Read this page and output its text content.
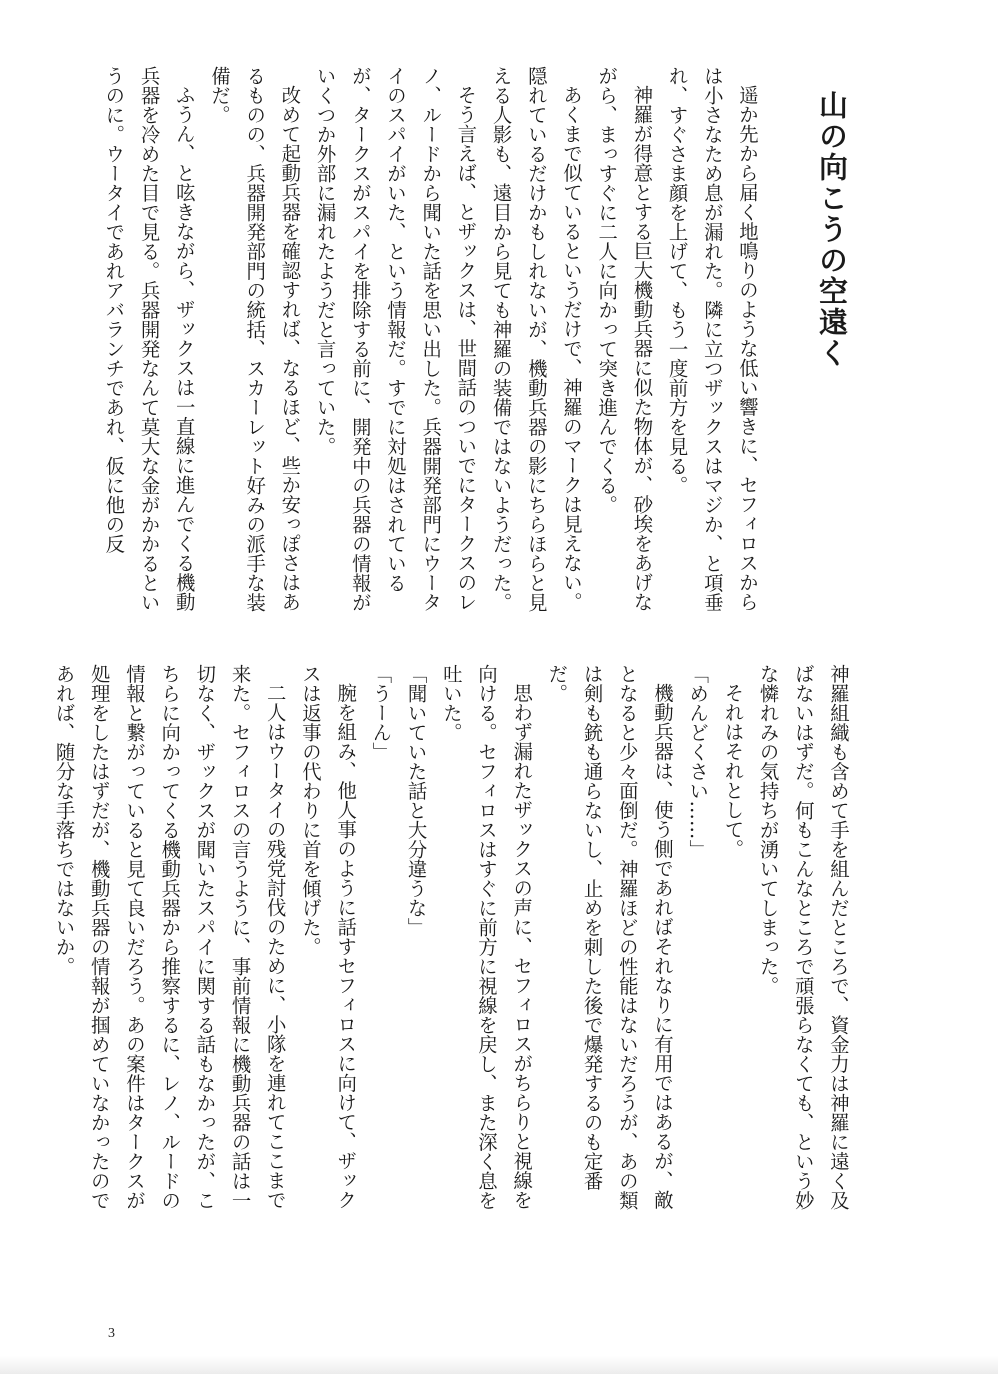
山の向こうの空遠く

遥か先から届く地鳴りのような低い響きに、セフィロスからは小さなため息が漏れた。隣に立つザックスはマジか、と項垂れ、すぐさま顔を上げて、もう一度前方を見る。

神羅が得意とする巨大機動兵器に似た物体が、砂埃をあげながら、まっすぐに二人に向かって突き進んでくる。

あくまで似ているというだけで、神羅のマークは見えない。隠れているだけかもしれないが、機動兵器の影にちらほらと見える人影も、遠目から見ても神羅の装備ではないようだった。

そう言えば、とザックスは、世間話のついでにタークスのレノ、ルードから聞いた話を思い出した。兵器開発部門にウータイのスパイがいた、という情報だ。すでに対処はされているが、タークスがスパイを排除する前に、開発中の兵器の情報がいくつか外部に漏れたようだと言っていた。

改めて起動兵器を確認すれば、なるほど、些か安っぽさはあるものの、兵器開発部門の統括、スカーレット好みの派手な装備だ。

ふうん、と呟きながら、ザックスは一直線に進んでくる機動兵器を冷めた目で見る。兵器開発なんて莫大な金がかかるというのに。ウータイであれアバランチであれ、仮に他の反

神羅組織も含めて手を組んだところで、資金力は神羅に遠く及ばないはずだ。何もこんなところで頑張らなくても、という妙な憐れみの気持ちが湧いてしまった。

それはそれとして。

「めんどくさい……」

機動兵器は、使う側であればそれなりに有用ではあるが、敵となると少々面倒だ。神羅ほどの性能はないだろうが、あの類は剣も銃も通らないし、止めを刺した後で爆発するのも定番だ。

思わず漏れたザックスの声に、セフィロスがちらりと視線を向ける。セフィロスはすぐに前方に視線を戻し、また深く息を吐いた。

「聞いていた話と大分違うな」

「うーん」

腕を組み、他人事のように話すセフィロスに向けて、ザックスは返事の代わりに首を傾げた。

二人はウータイの残党討伐のために、小隊を連れてここまで来た。セフィロスの言うように、事前情報に機動兵器の話は一切なく、ザックスが聞いたスパイに関する話もなかったが、こちらに向かってくる機動兵器から推察するに、レノ、ルードの情報と繋がっていると見て良いだろう。あの案件はタークスが処理をしたはずだが、機動兵器の情報が掴めていなかったのであれば、随分な手落ちではないか。

3
